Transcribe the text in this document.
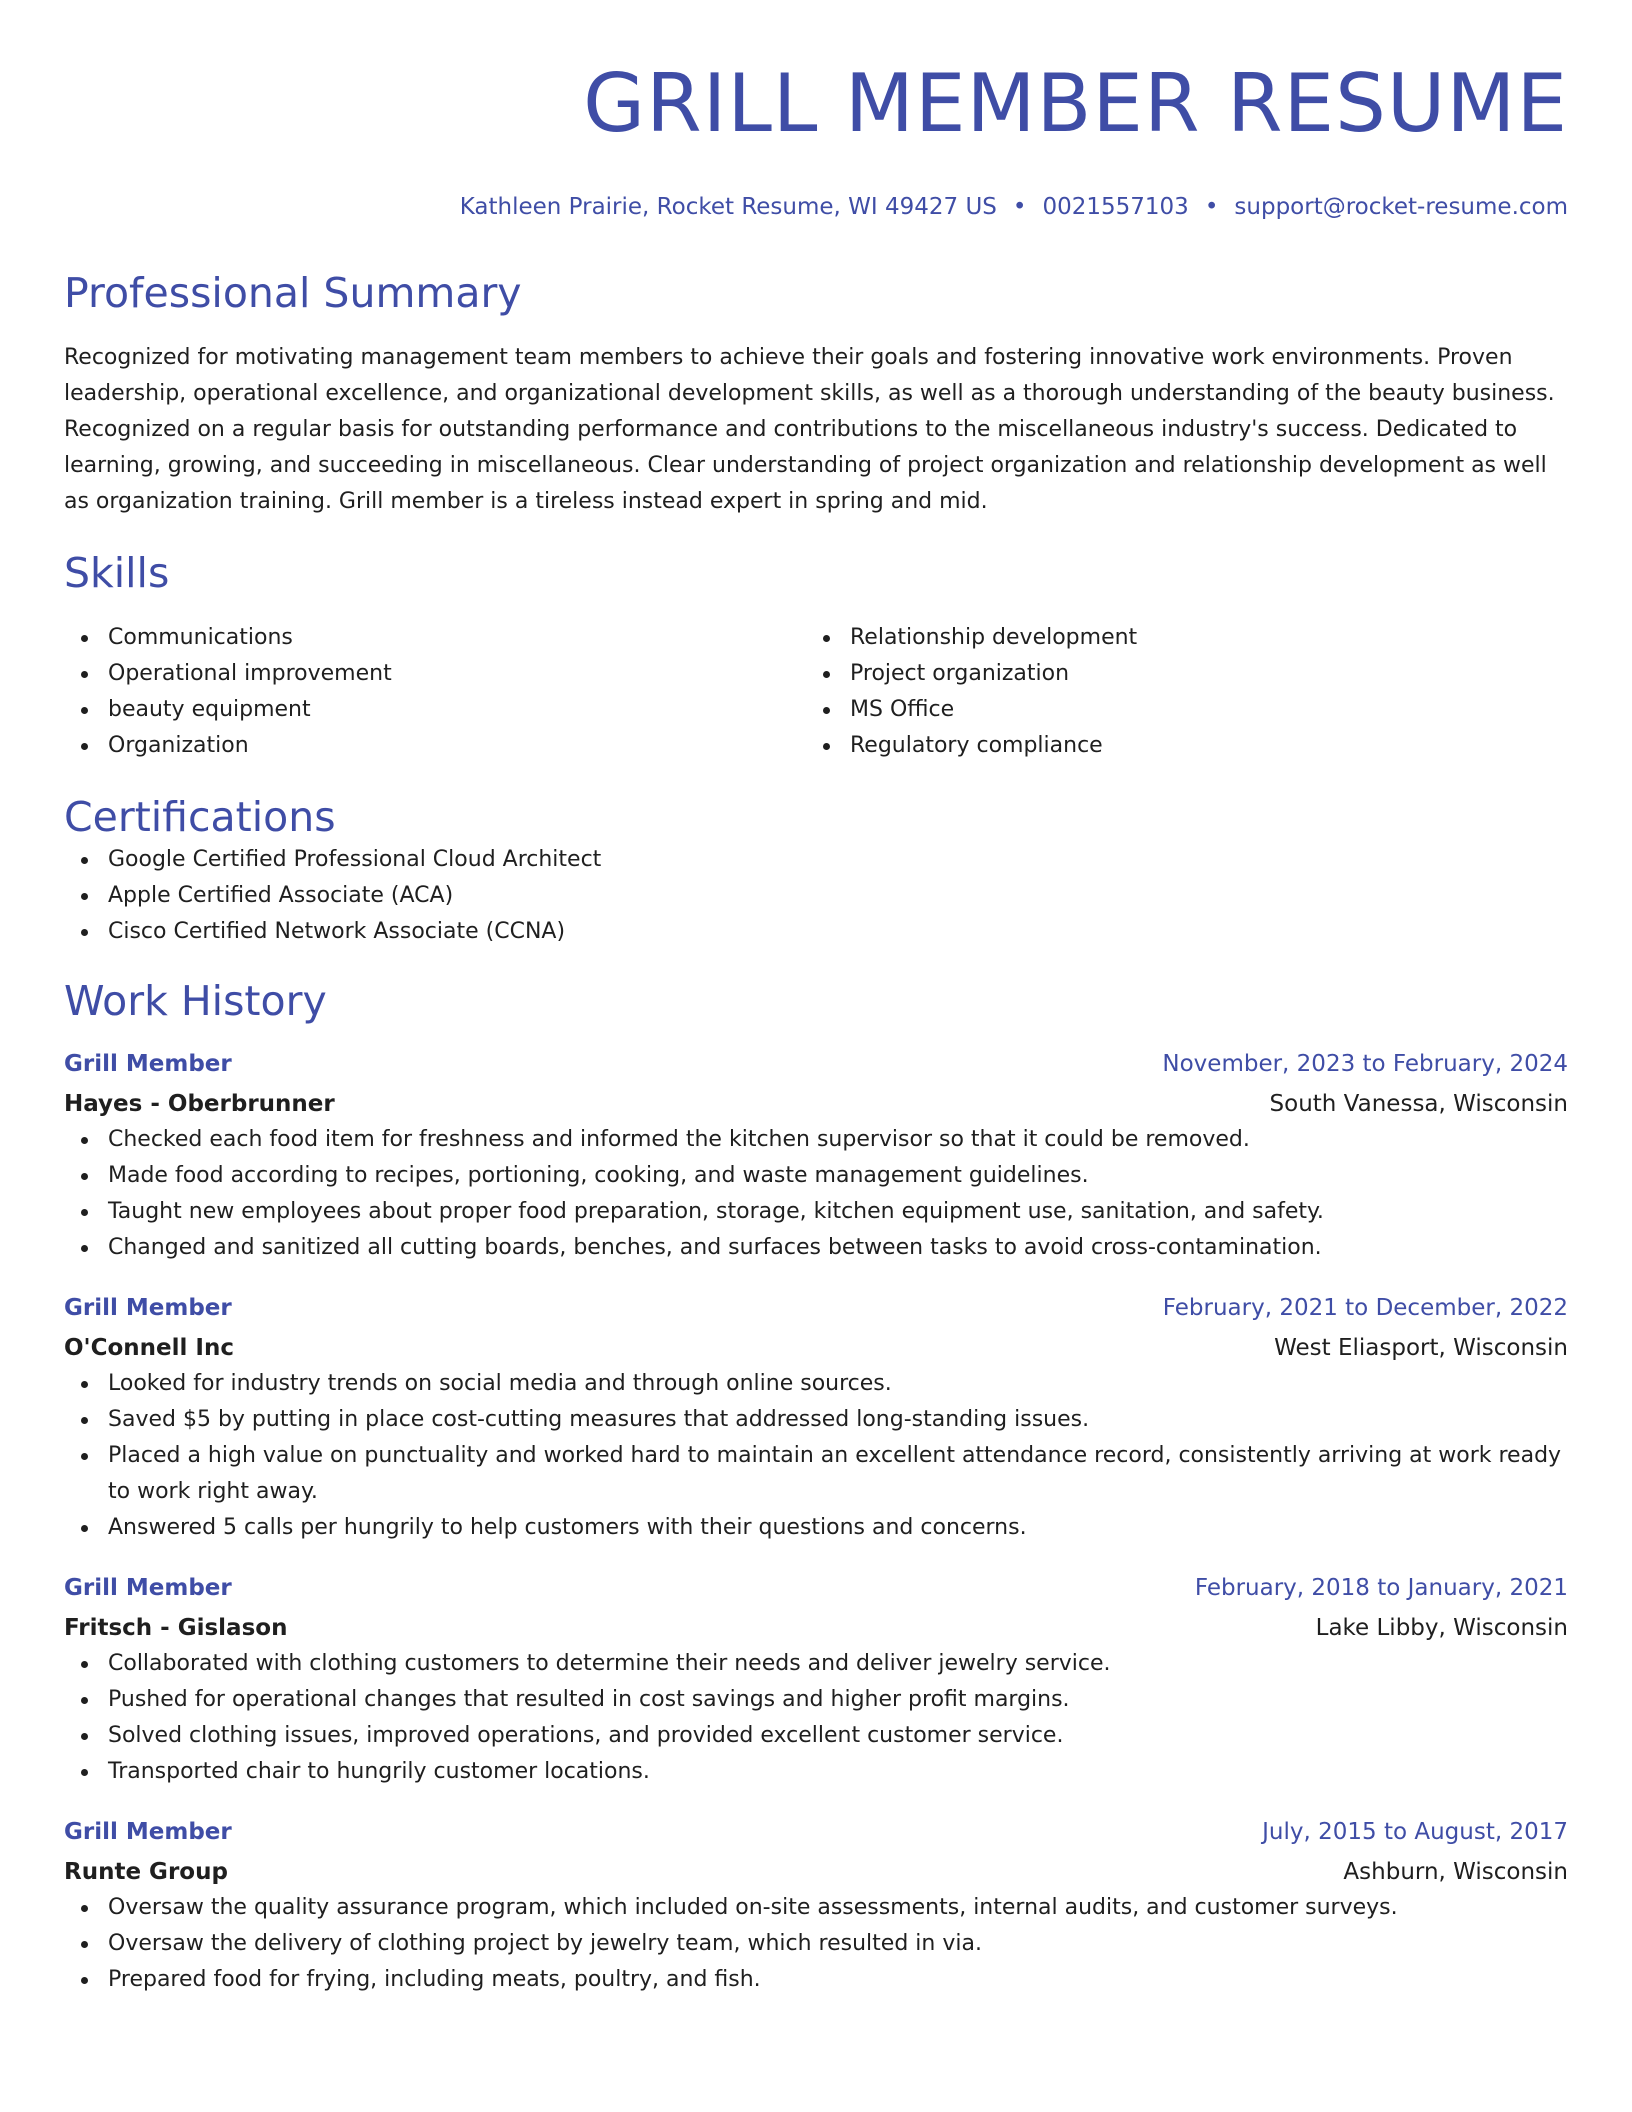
GRILL MEMBER RESUME
Kathleen Prairie, Rocket Resume, WI 49427 US • 0021557103 • support@rocket-resume.com
Professional Summary

Recognized for motivating management team members to achieve their goals and fostering innovative work environments. Proven leadership, operational excellence, and organizational development skills, as well as a thorough understanding of the beauty business. Recognized on a regular basis for outstanding performance and contributions to the miscellaneous industry's success. Dedicated to learning, growing, and succeeding in miscellaneous. Clear understanding of project organization and relationship development as well as organization training. Grill member is a tireless instead expert in spring and mid.

Skills
Communications
Operational improvement
beauty equipment
Organization
Relationship development
Project organization
MS Office
Regulatory compliance
Certifications
Google Certified Professional Cloud Architect
Apple Certified Associate (ACA)
Cisco Certified Network Associate (CCNA)
Work History
Grill Member	November, 2023 to February, 2024
Hayes - Oberbrunner	South Vanessa, Wisconsin
Checked each food item for freshness and informed the kitchen supervisor so that it could be removed.
Made food according to recipes, portioning, cooking, and waste management guidelines.
Taught new employees about proper food preparation, storage, kitchen equipment use, sanitation, and safety.
Changed and sanitized all cutting boards, benches, and surfaces between tasks to avoid cross-contamination.
Grill Member	February, 2021 to December, 2022
O'Connell Inc	West Eliasport, Wisconsin
Looked for industry trends on social media and through online sources.
Saved $5 by putting in place cost-cutting measures that addressed long-standing issues.
Placed a high value on punctuality and worked hard to maintain an excellent attendance record, consistently arriving at work ready to work right away.
Answered 5 calls per hungrily to help customers with their questions and concerns.
Grill Member	February, 2018 to January, 2021
Fritsch - Gislason	Lake Libby, Wisconsin
Collaborated with clothing customers to determine their needs and deliver jewelry service.
Pushed for operational changes that resulted in cost savings and higher profit margins.
Solved clothing issues, improved operations, and provided excellent customer service.
Transported chair to hungrily customer locations.
Grill Member	July, 2015 to August, 2017
Runte Group	Ashburn, Wisconsin
Oversaw the quality assurance program, which included on-site assessments, internal audits, and customer surveys.
Oversaw the delivery of clothing project by jewelry team, which resulted in via.
Prepared food for frying, including meats, poultry, and fish.
